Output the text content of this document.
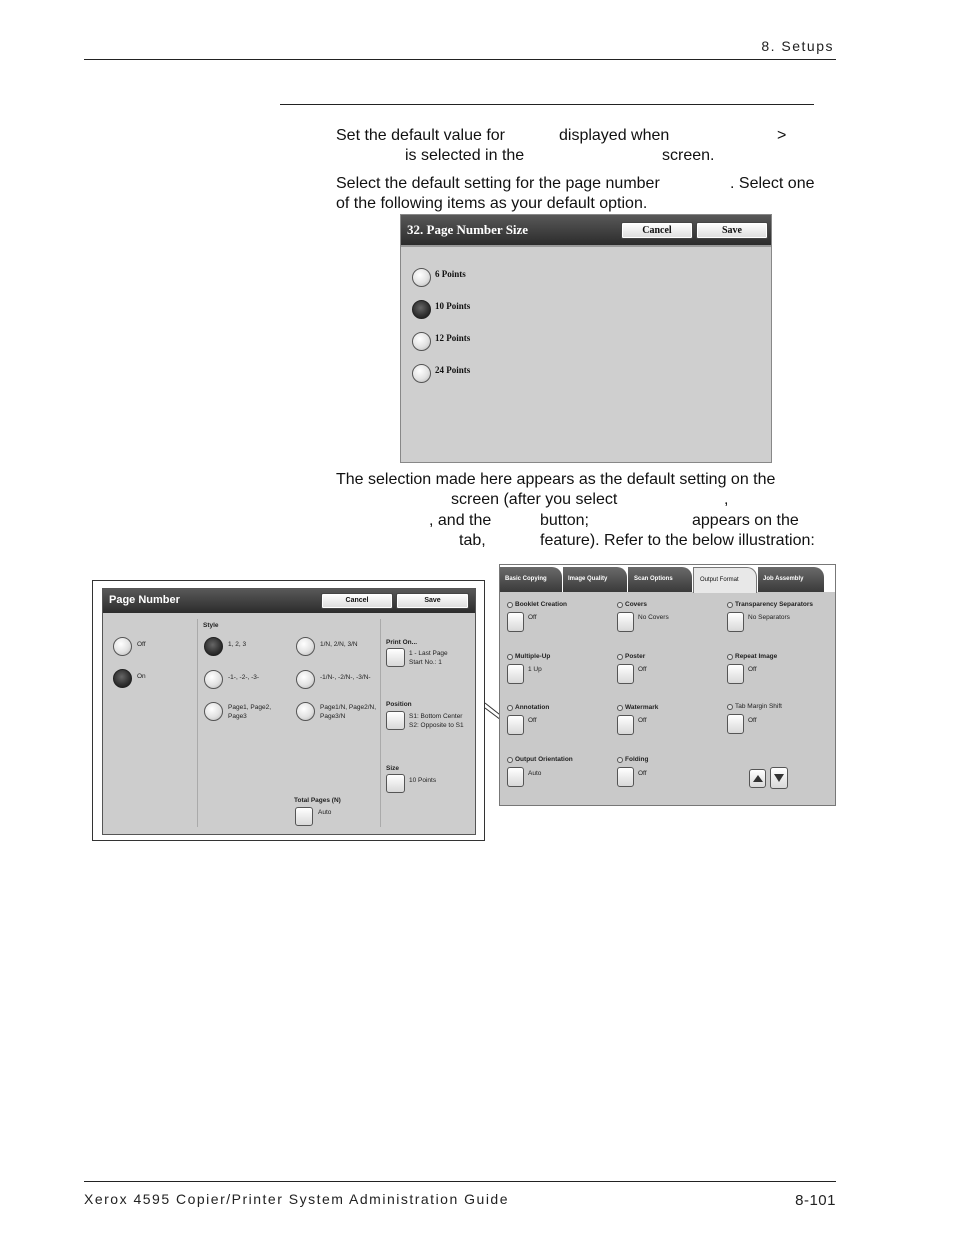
8. Setups
Set the default value for	displayed when	>
is selected in the	screen.
Select the default setting for the page number	. Select one
of the following items as your default option.
32. Page Number Size	Cancel	Save
6 Points
10 Points
12 Points
24 Points
The selection made here appears as the default setting on the
screen (after you select	,
, and the	button;	appears on the
tab,	feature). Refer to the below illustration:
Page Number	Cancel	Save
Off
On
Style
1, 2, 3
-1-, -2-, -3-
Page1, Page2,
Page3
1/N, 2/N, 3/N
-1/N-, -2/N-, -3/N-
Page1/N, Page2/N,
Page3/N
Total Pages (N)
Auto
Print On...
1 - Last Page
Start No.: 1
Position
S1: Bottom Center
S2: Opposite to S1
Size
10 Points
Basic Copying	Image Quality	Scan Options	Output Format	Job Assembly
Booklet Creation
Off
Covers
No Covers
Transparency Separators
No Separators
Multiple-Up
1 Up
Poster
Off
Repeat Image
Off
Annotation
Off
Watermark
Off
Tab Margin Shift
Off
Output Orientation
Auto
Folding
Off
Xerox 4595 Copier/Printer System Administration Guide	8-101
